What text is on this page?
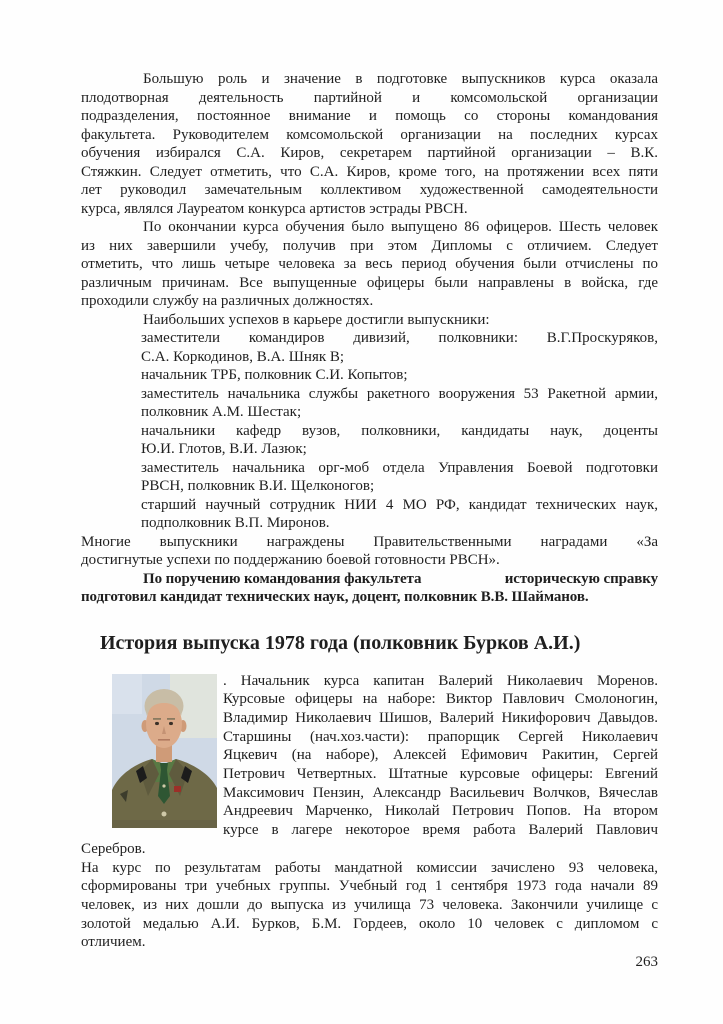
Большую роль и значение в подготовке выпускников курса оказала
плодотворная деятельность партийной и комсомольской организации
подразделения, постоянное внимание и помощь со стороны командования
факультета. Руководителем комсомольской организации на последних курсах
обучения избирался С.А. Киров, секретарем партийной организации – В.К.
Стяжкин. Следует отметить, что С.А. Киров, кроме того, на протяжении всех пяти
лет руководил замечательным коллективом художественной самодеятельности
курса, являлся Лауреатом конкурса артистов эстрады РВСН.
По окончании курса обучения было выпущено 86 офицеров. Шесть человек
из них завершили учебу, получив при этом Дипломы с отличием. Следует
отметить, что лишь четыре человека за весь период обучения были отчислены по
различным причинам. Все выпущенные офицеры были направлены в войска, где
проходили службу на различных должностях.
Наибольших успехов в карьере достигли выпускники:
заместители командиров дивизий, полковники: В.Г.Проскуряков,
С.А. Коркодинов, В.А. Шняк В;
начальник ТРБ, полковник С.И. Копытов;
заместитель начальника службы ракетного вооружения 53 Ракетной армии,
полковник А.М. Шестак;
начальники кафедр вузов, полковники, кандидаты наук, доценты
Ю.И. Глотов, В.И. Лазюк;
заместитель начальника орг-моб отдела Управления Боевой подготовки
РВСН, полковник В.И. Щелконогов;
старший научный сотрудник НИИ 4 МО РФ, кандидат технических наук,
подполковник В.П. Миронов.
Многие выпускники награждены Правительственными наградами «За
достигнутые успехи по поддержанию боевой готовности РВСН».
По поручению командования факультета	историческую справку
подготовил кандидат технических наук, доцент, полковник В.В. Шайманов.
История выпуска 1978 года (полковник Бурков А.И.)
. Начальник курса капитан Валерий Николаевич Моренов.
Курсовые офицеры на наборе: Виктор Павлович Смолоногин,
Владимир Николаевич Шишов, Валерий Никифорович Давыдов.
Старшины (нач.хоз.части): прапорщик Сергей Николаевич
Яцкевич (на наборе), Алексей Ефимович Ракитин, Сергей
Петрович Четвертных. Штатные курсовые офицеры: Евгений
Максимович Пензин, Александр Васильевич Волчков, Вячеслав
Андреевич Марченко, Николай Петрович Попов. На втором
курсе в лагере некоторое время работа Валерий Павлович
Серебров.
На курс по результатам работы мандатной комиссии зачислено 93 человека,
сформированы три учебных группы. Учебный год 1 сентября 1973 года начали 89
человек, из них дошли до выпуска из училища 73 человека. Закончили училище с
золотой медалью А.И. Бурков, Б.М. Гордеев, около 10 человек с дипломом с
отличием.
263
